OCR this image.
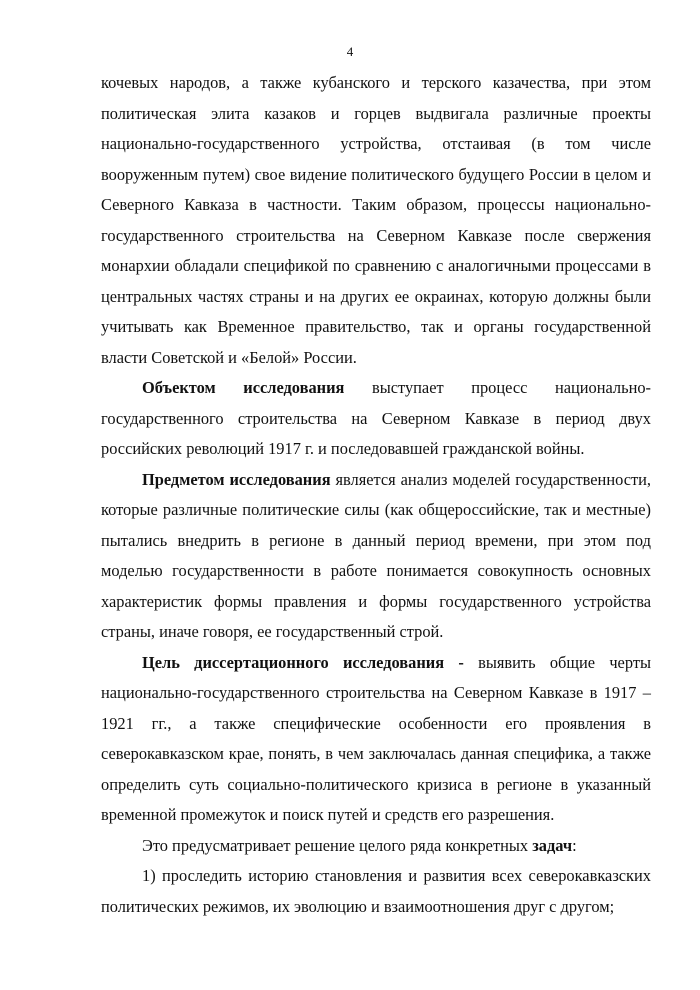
4

кочевых народов, а также кубанского и терского казачества, при этом политическая элита казаков и горцев выдвигала различные проекты национально-государственного устройства, отстаивая (в том числе вооруженным путем) свое видение политического будущего России в целом и Северного Кавказа в частности. Таким образом, процессы национально-государственного строительства на Северном Кавказе после свержения монархии обладали спецификой по сравнению с аналогичными процессами в центральных частях страны и на других ее окраинах, которую должны были учитывать как Временное правительство, так и органы государственной власти Советской и «Белой» России.

Объектом исследования выступает процесс национально-государственного строительства на Северном Кавказе в период двух российских революций 1917 г. и последовавшей гражданской войны.

Предметом исследования является анализ моделей государственности, которые различные политические силы (как общероссийские, так и местные) пытались внедрить в регионе в данный период времени, при этом под моделью государственности в работе понимается совокупность основных характеристик формы правления и формы государственного устройства страны, иначе говоря, ее государственный строй.

Цель диссертационного исследования - выявить общие черты национально-государственного строительства на Северном Кавказе в 1917 – 1921 гг., а также специфические особенности его проявления в северокавказском крае, понять, в чем заключалась данная специфика, а также определить суть социально-политического кризиса в регионе в указанный временной промежуток и поиск путей и средств его разрешения.

Это предусматривает решение целого ряда конкретных задач:

1) проследить историю становления и развития всех северокавказских политических режимов, их эволюцию и взаимоотношения друг с другом;
